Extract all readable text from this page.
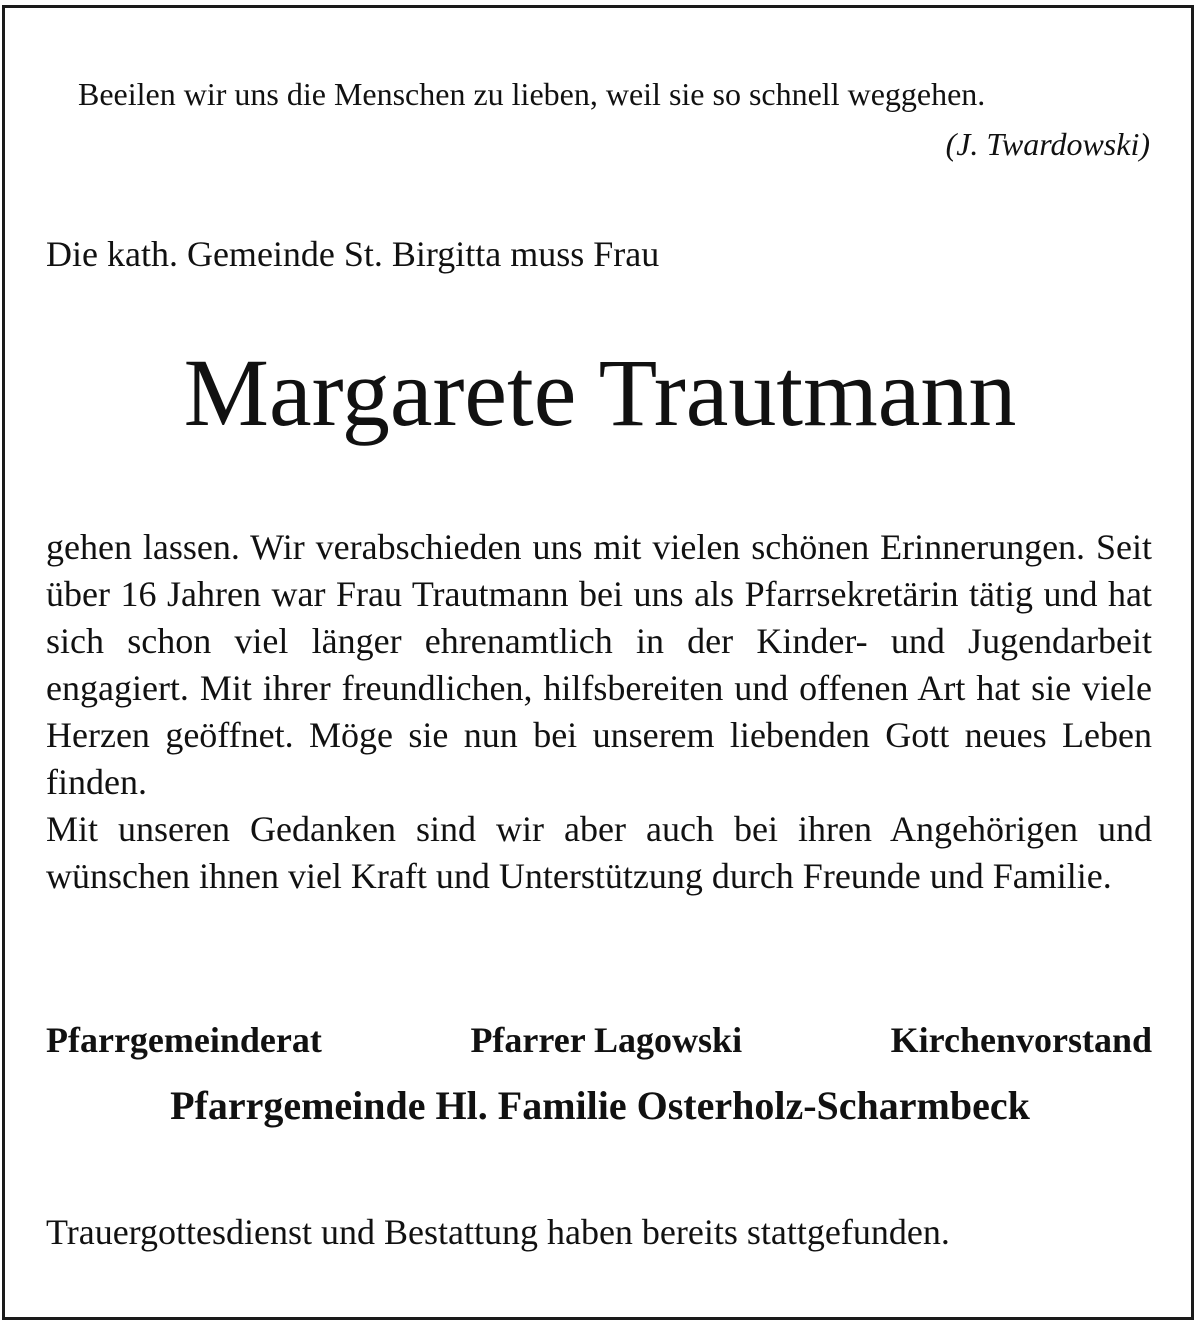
Beeilen wir uns die Menschen zu lieben, weil sie so schnell weggehen.
(J. Twardowski)
Die kath. Gemeinde St. Birgitta muss Frau
Margarete Trautmann

gehen lassen. Wir verabschieden uns mit vielen schönen Erinnerungen. Seit über 16 Jahren war Frau Trautmann bei uns als Pfarrsekretärin tätig und hat sich schon viel länger ehrenamtlich in der Kinder- und Jugendarbeit engagiert. Mit ihrer freundlichen, hilfsbereiten und offenen Art hat sie viele Herzen geöffnet. Möge sie nun bei unserem liebenden Gott neues Leben finden.

Mit unseren Gedanken sind wir aber auch bei ihren Angehörigen und wünschen ihnen viel Kraft und Unterstützung durch Freunde und Familie.

Pfarrgemeinderat	Pfarrer Lagowski	Kirchenvorstand
Pfarrgemeinde Hl. Familie Osterholz-Scharmbeck
Trauergottesdienst und Bestattung haben bereits stattgefunden.
